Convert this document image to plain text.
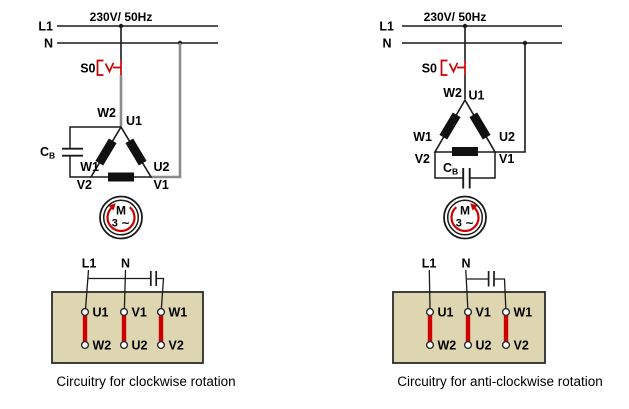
230V/ 50Hz
L1
N
S0
C B
W2
U1
W1
V2
U2
V1
M
3 ∼
L1 N
U1 V1 W1
W2 U2 V2
Circuitry for clockwise rotation
230V/ 50Hz
L1
N
S0
C B
W2 U1
W1
V2
U2
V1
M
3 ∼
L1 N
U1 V1 W1
W2 U2 V2
Circuitry for anti-clockwise rotation
